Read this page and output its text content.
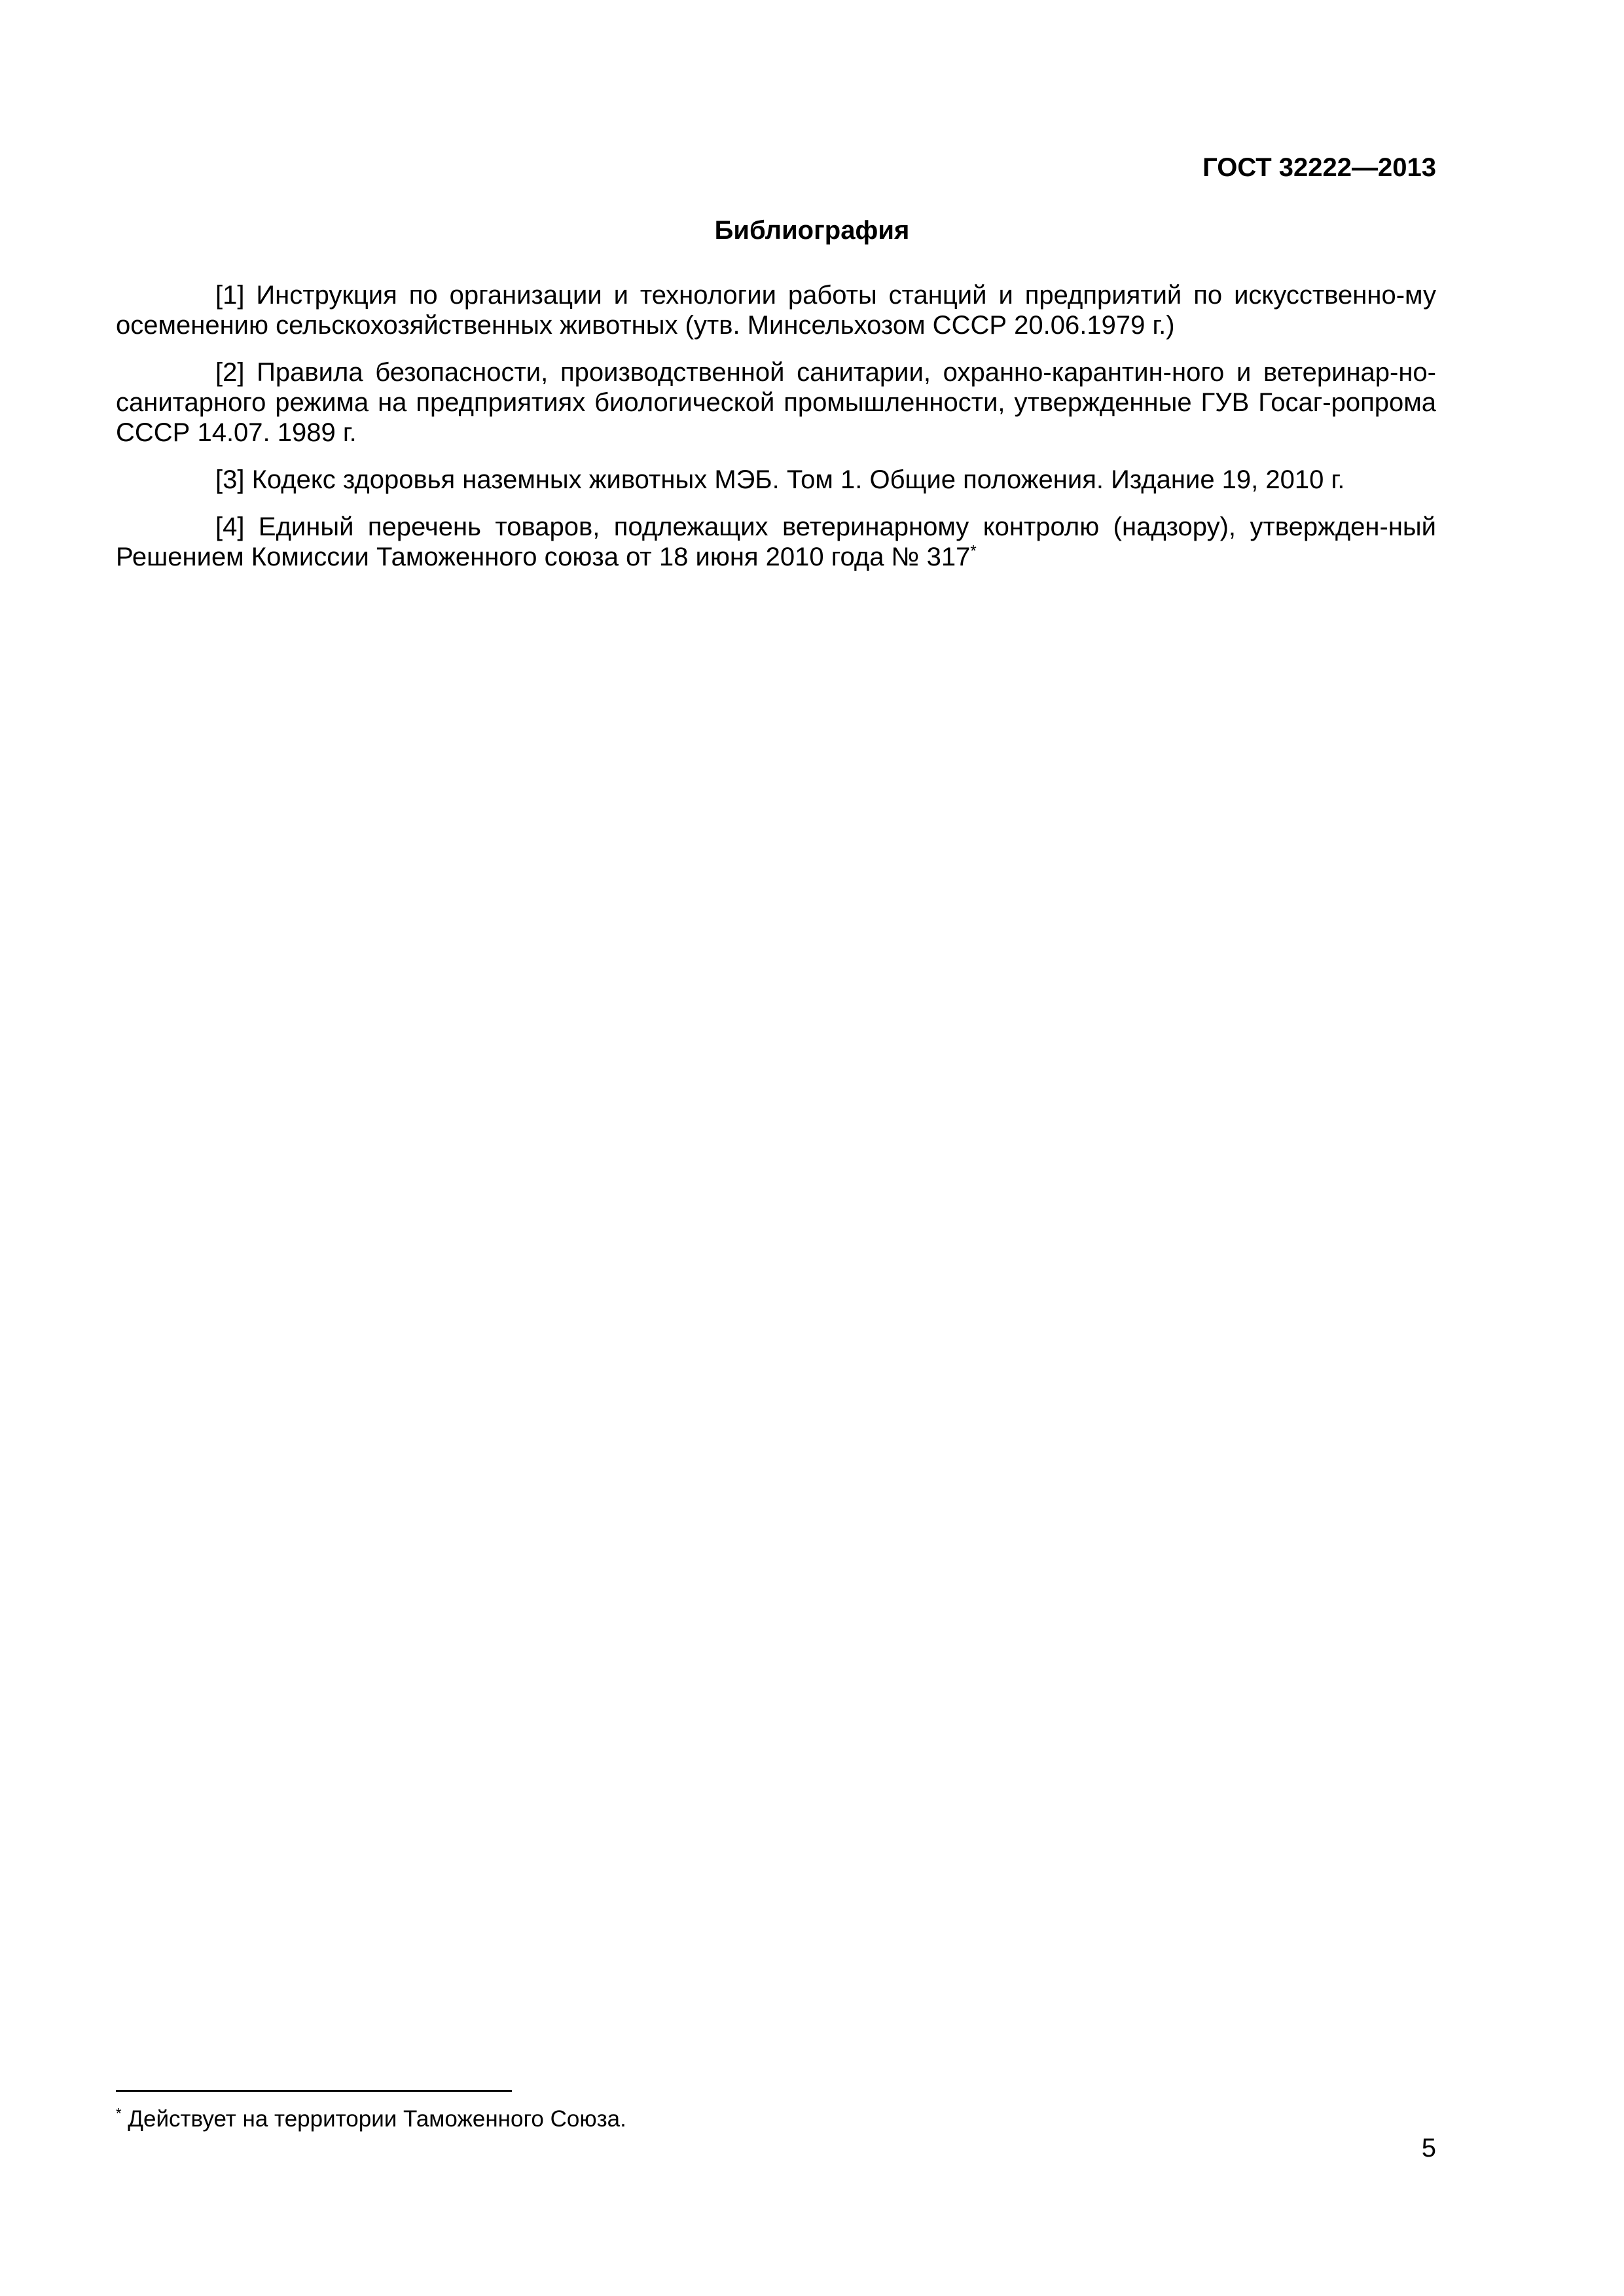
ГОСТ 32222—2013
Библиография

[1] Инструкция по организации и технологии работы станций и предприятий по искусственно-му осеменению сельскохозяйственных животных (утв. Минсельхозом СССР 20.06.1979 г.)

[2] Правила безопасности, производственной санитарии, охранно-карантин-ного и ветеринар-но-санитарного режима на предприятиях биологической промышленности, утвержденные ГУВ Госаг-ропрома СССР 14.07. 1989 г.

[3] Кодекс здоровья наземных животных МЭБ. Том 1. Общие положения. Издание 19, 2010 г.

[4] Единый перечень товаров, подлежащих ветеринарному контролю (надзору), утвержден-ный Решением Комиссии Таможенного союза от 18 июня 2010 года № 317*

* Действует на территории Таможенного Союза.
5
